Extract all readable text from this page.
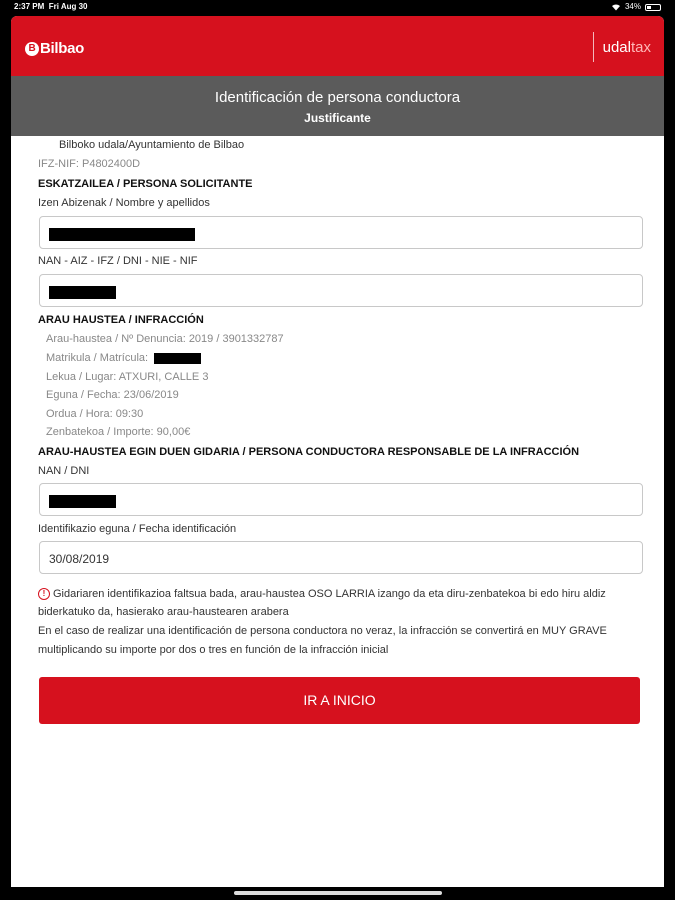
2:37 PM Fri Aug 30	34%
B Bilbao	udal tax
Identificación de persona conductora
Justificante
Bilboko udala/Ayuntamiento de Bilbao
IFZ-NIF: P4802400D
ESKATZAILEA / PERSONA SOLICITANTE
Izen Abizenak / Nombre y apellidos
NAN - AIZ - IFZ / DNI - NIE - NIF
ARAU HAUSTEA / INFRACCIÓN
Arau-haustea / Nº Denuncia: 2019 / 3901332787
Matrikula / Matrícula:
Lekua / Lugar: ATXURI, CALLE 3
Eguna / Fecha: 23/06/2019
Ordua / Hora: 09:30
Zenbatekoa / Importe: 90,00€
ARAU-HAUSTEA EGIN DUEN GIDARIA / PERSONA CONDUCTORA RESPONSABLE DE LA INFRACCIÓN
NAN / DNI
Identifikazio eguna / Fecha identificación
30/08/2019
! Gidariaren identifikazioa faltsua bada, arau-haustea OSO LARRIA izango da eta diru-zenbatekoa bi edo hiru aldiz
biderkatuko da, hasierako arau-haustearen arabera
En el caso de realizar una identificación de persona conductora no veraz, la infracción se convertirá en MUY GRAVE
multiplicando su importe por dos o tres en función de la infracción inicial
IR A INICIO
